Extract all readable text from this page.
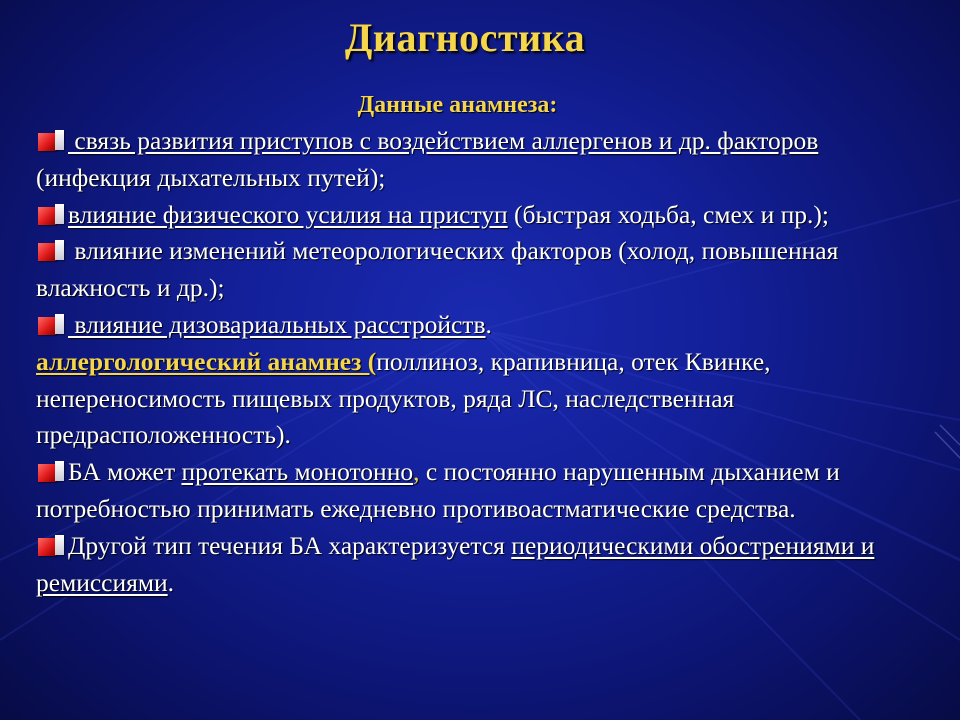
Диагностика
Данные анамнеза:

связь развития приступов с воздействием аллергенов и др. факторов (инфекция дыхательных путей);

влияние физического усилия на приступ (быстрая ходьба, смех и пр.);

влияние изменений метеорологических факторов (холод, повышенная влажность и др.);

влияние дизовариальных расстройств.

аллергологический анамнез (поллиноз, крапивница, отек Квинке, непереносимость пищевых продуктов, ряда ЛС, наследственная предрасположенность).

БА может протекать монотонно, с постоянно нарушенным дыханием и потребностью принимать ежедневно противоастматические средства.

Другой тип течения БА характеризуется периодическими обострениями и ремиссиями.
